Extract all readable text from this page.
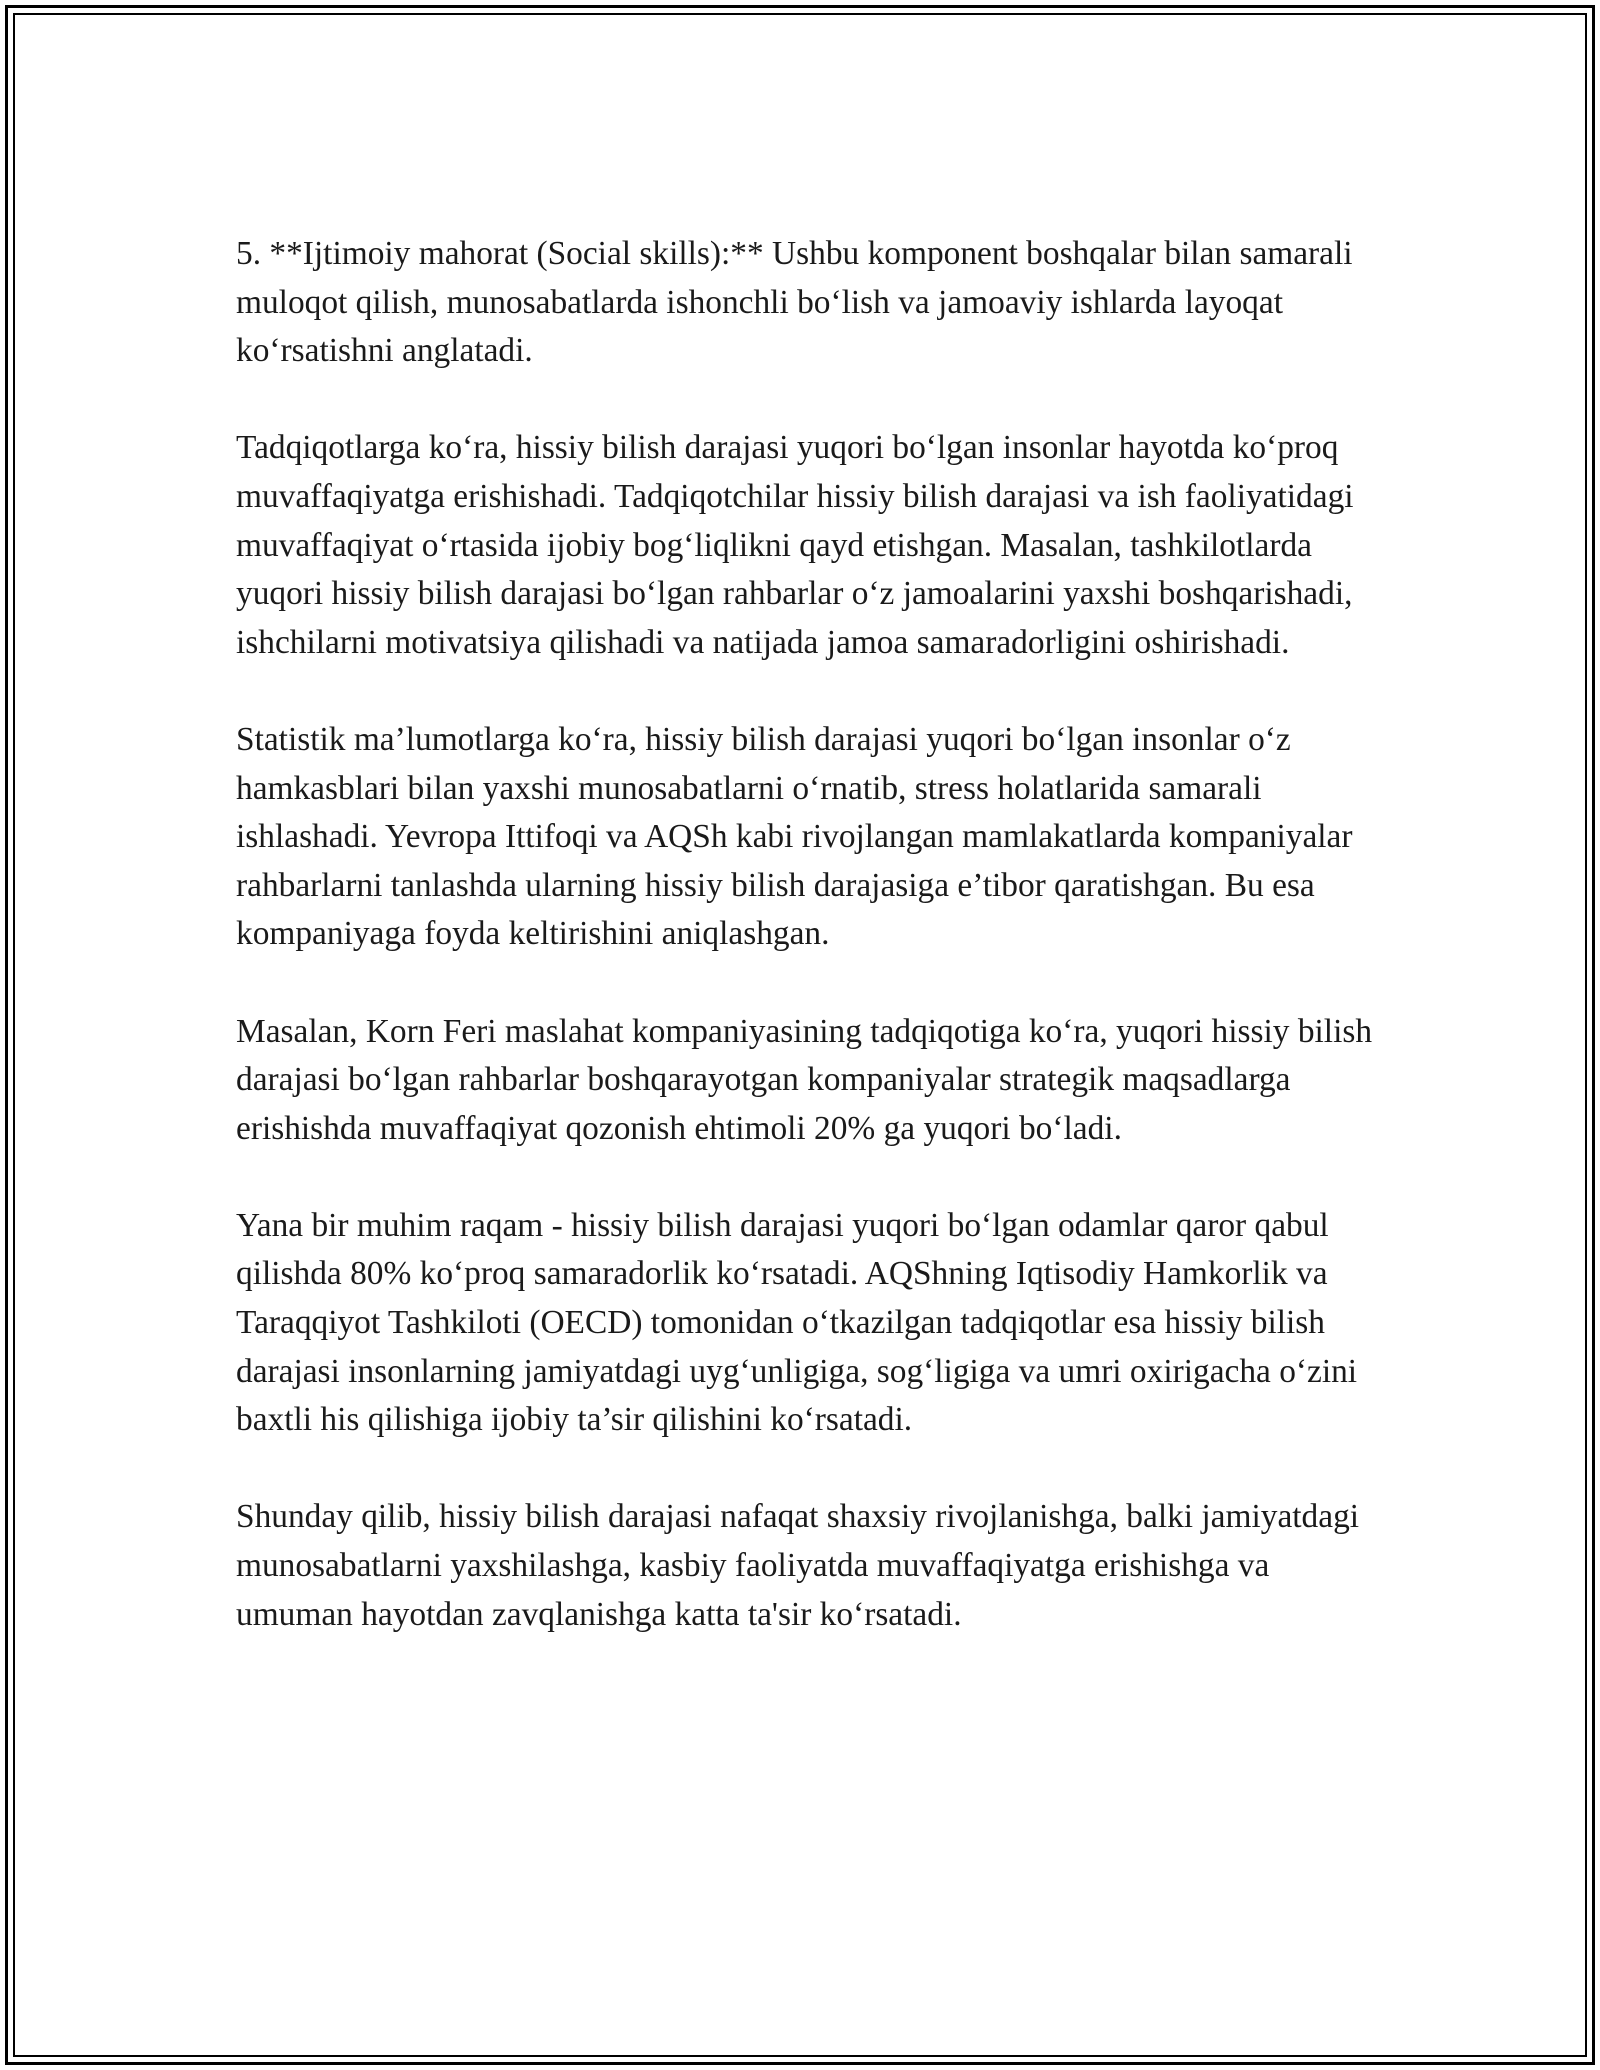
5. **Ijtimoiy mahorat (Social skills):** Ushbu komponent boshqalar bilan samarali muloqot qilish, munosabatlarda ishonchli bo‘lish va jamoaviy ishlarda layoqat ko‘rsatishni anglatadi.

Tadqiqotlarga ko‘ra, hissiy bilish darajasi yuqori bo‘lgan insonlar hayotda ko‘proq muvaffaqiyatga erishishadi. Tadqiqotchilar hissiy bilish darajasi va ish faoliyatidagi muvaffaqiyat o‘rtasida ijobiy bog‘liqlikni qayd etishgan. Masalan, tashkilotlarda yuqori hissiy bilish darajasi bo‘lgan rahbarlar o‘z jamoalarini yaxshi boshqarishadi, ishchilarni motivatsiya qilishadi va natijada jamoa samaradorligini oshirishadi.

Statistik ma’lumotlarga ko‘ra, hissiy bilish darajasi yuqori bo‘lgan insonlar o‘z hamkasblari bilan yaxshi munosabatlarni o‘rnatib, stress holatlarida samarali ishlashadi. Yevropa Ittifoqi va AQSh kabi rivojlangan mamlakatlarda kompaniyalar rahbarlarni tanlashda ularning hissiy bilish darajasiga e’tibor qaratishgan. Bu esa kompaniyaga foyda keltirishini aniqlashgan.

Masalan, Korn Feri maslahat kompaniyasining tadqiqotiga ko‘ra, yuqori hissiy bilish darajasi bo‘lgan rahbarlar boshqarayotgan kompaniyalar strategik maqsadlarga erishishda muvaffaqiyat qozonish ehtimoli 20% ga yuqori bo‘ladi.

Yana bir muhim raqam - hissiy bilish darajasi yuqori bo‘lgan odamlar qaror qabul qilishda 80% ko‘proq samaradorlik ko‘rsatadi. AQShning Iqtisodiy Hamkorlik va Taraqqiyot Tashkiloti (OECD) tomonidan o‘tkazilgan tadqiqotlar esa hissiy bilish darajasi insonlarning jamiyatdagi uyg‘unligiga, sog‘ligiga va umri oxirigacha o‘zini baxtli his qilishiga ijobiy ta’sir qilishini ko‘rsatadi.

Shunday qilib, hissiy bilish darajasi nafaqat shaxsiy rivojlanishga, balki jamiyatdagi munosabatlarni yaxshilashga, kasbiy faoliyatda muvaffaqiyatga erishishga va umuman hayotdan zavqlanishga katta ta'sir ko‘rsatadi.
